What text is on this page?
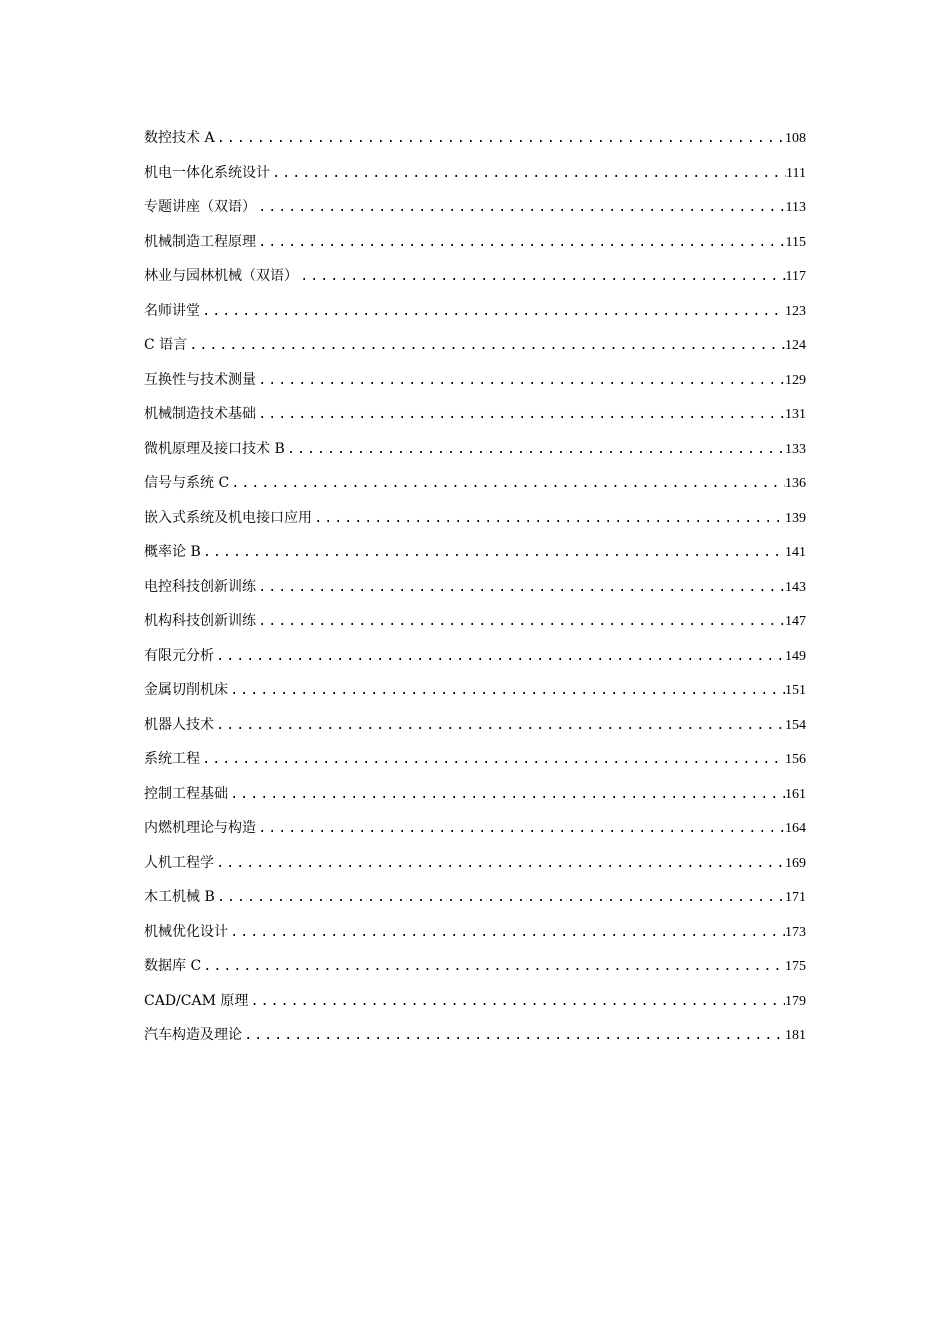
数控技术 A .....	108
机电一体化系统设计 .....	111
专题讲座（双语） .....	113
机械制造工程原理 .....	115
林业与园林机械（双语） .....	117
名师讲堂 .....	123
C 语言 .....	124
互换性与技术测量 .....	129
机械制造技术基础 .....	131
微机原理及接口技术 B .....	133
信号与系统 C .....	136
嵌入式系统及机电接口应用 .....	139
概率论 B .....	141
电控科技创新训练 .....	143
机构科技创新训练 .....	147
有限元分析 .....	149
金属切削机床 .....	151
机器人技术 .....	154
系统工程 .....	156
控制工程基础 .....	161
内燃机理论与构造 .....	164
人机工程学 .....	169
木工机械 B .....	171
机械优化设计 .....	173
数据库 C .....	175
CAD/CAM 原理 .....	179
汽车构造及理论 .....	181
